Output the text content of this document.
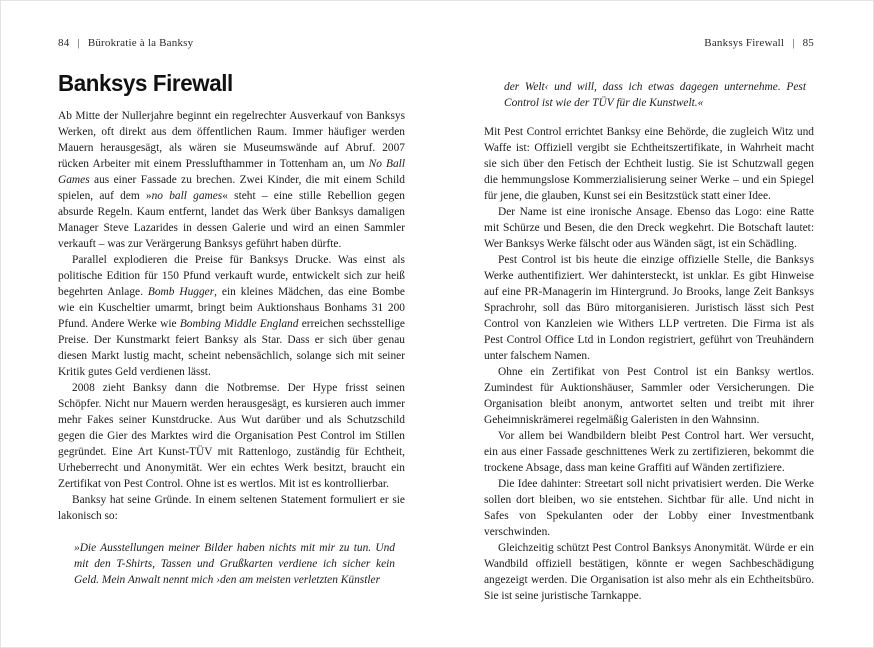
84 | Bürokratie à la Banksy	Banksys Firewall | 85
Banksys Firewall

Ab Mitte der Nullerjahre beginnt ein regelrechter Ausverkauf von Banksys Werken, oft direkt aus dem öffentlichen Raum. Immer häufiger werden Mauern herausgesägt, als wären sie Museumswände auf Abruf. 2007 rücken Arbeiter mit einem Presslufthammer in Tottenham an, um No Ball Games aus einer Fassade zu brechen. Zwei Kinder, die mit einem Schild spielen, auf dem »no ball games« steht – eine stille Rebellion gegen absurde Regeln. Kaum entfernt, landet das Werk über Banksys damaligen Manager Steve Lazarides in dessen Galerie und wird an einen Sammler verkauft – was zur Verärgerung Banksys geführt haben dürfte.

Parallel explodieren die Preise für Banksys Drucke. Was einst als politische Edition für 150 Pfund verkauft wurde, entwickelt sich zur heiß begehrten Anlage. Bomb Hugger, ein kleines Mädchen, das eine Bombe wie ein Kuscheltier umarmt, bringt beim Auktionshaus Bonhams 31 200 Pfund. Andere Werke wie Bombing Middle England erreichen sechsstellige Preise. Der Kunstmarkt feiert Banksy als Star. Dass er sich über genau diesen Markt lustig macht, scheint nebensächlich, solange sich mit seiner Kritik gutes Geld verdienen lässt.

2008 zieht Banksy dann die Notbremse. Der Hype frisst seinen Schöpfer. Nicht nur Mauern werden herausgesägt, es kursieren auch immer mehr Fakes seiner Kunstdrucke. Aus Wut darüber und als Schutzschild gegen die Gier des Marktes wird die Organisation Pest Control im Stillen gegründet. Eine Art Kunst-TÜV mit Rattenlogo, zuständig für Echtheit, Urheberrecht und Anonymität. Wer ein echtes Werk besitzt, braucht ein Zertifikat von Pest Control. Ohne ist es wertlos. Mit ist es kontrollierbar.

Banksy hat seine Gründe. In einem seltenen Statement formuliert er sie lakonisch so:

»Die Ausstellungen meiner Bilder haben nichts mit mir zu tun. Und mit den T-Shirts, Tassen und Grußkarten verdiene ich sicher kein Geld. Mein Anwalt nennt mich ›den am meisten verletzten Künstler
der Welt‹ und will, dass ich etwas dagegen unternehme. Pest Control ist wie der TÜV für die Kunstwelt.«

Mit Pest Control errichtet Banksy eine Behörde, die zugleich Witz und Waffe ist: Offiziell vergibt sie Echtheitszertifikate, in Wahrheit macht sie sich über den Fetisch der Echtheit lustig. Sie ist Schutzwall gegen die hemmungslose Kommerzialisierung seiner Werke – und ein Spiegel für jene, die glauben, Kunst sei ein Besitzstück statt einer Idee.

Der Name ist eine ironische Ansage. Ebenso das Logo: eine Ratte mit Schürze und Besen, die den Dreck wegkehrt. Die Botschaft lautet: Wer Banksys Werke fälscht oder aus Wänden sägt, ist ein Schädling.

Pest Control ist bis heute die einzige offizielle Stelle, die Banksys Werke authentifiziert. Wer dahintersteckt, ist unklar. Es gibt Hinweise auf eine PR-Managerin im Hintergrund. Jo Brooks, lange Zeit Banksys Sprachrohr, soll das Büro mitorganisieren. Juristisch lässt sich Pest Control von Kanzleien wie Withers LLP vertreten. Die Firma ist als Pest Control Office Ltd in London registriert, geführt von Treuhändern unter falschem Namen.

Ohne ein Zertifikat von Pest Control ist ein Banksy wertlos. Zumindest für Auktionshäuser, Sammler oder Versicherungen. Die Organisation bleibt anonym, antwortet selten und treibt mit ihrer Geheimniskrämerei regelmäßig Galeristen in den Wahnsinn.

Vor allem bei Wandbildern bleibt Pest Control hart. Wer versucht, ein aus einer Fassade geschnittenes Werk zu zertifizieren, bekommt die trockene Absage, dass man keine Graffiti auf Wänden zertifiziere.

Die Idee dahinter: Streetart soll nicht privatisiert werden. Die Werke sollen dort bleiben, wo sie entstehen. Sichtbar für alle. Und nicht in Safes von Spekulanten oder der Lobby einer Investmentbank verschwinden.

Gleichzeitig schützt Pest Control Banksys Anonymität. Würde er ein Wandbild offiziell bestätigen, könnte er wegen Sachbeschädigung angezeigt werden. Die Organisation ist also mehr als ein Echtheitsbüro. Sie ist seine juristische Tarnkappe.
